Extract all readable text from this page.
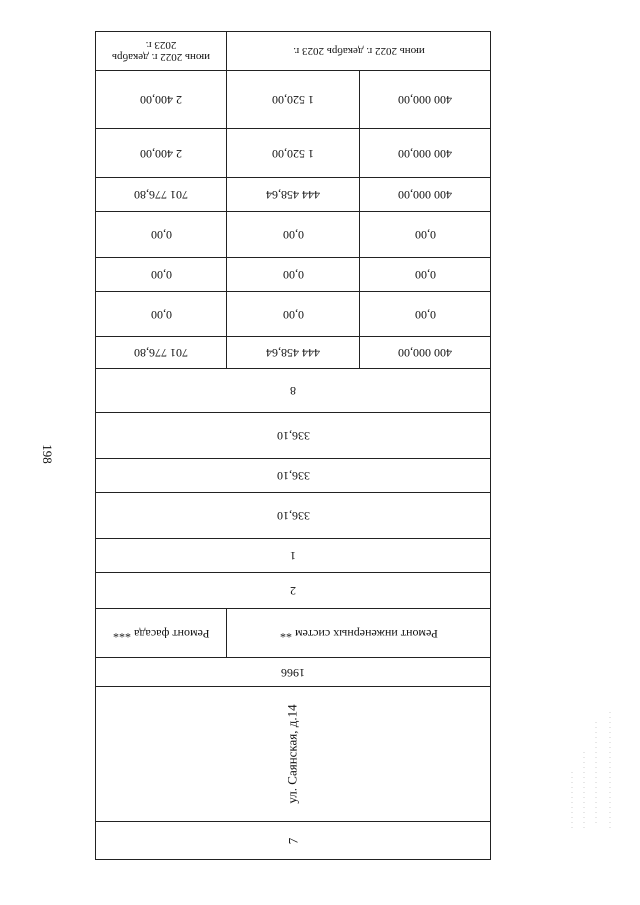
198
июнь 2022 г. декабрь 2023 г.	июнь 2022 г. декабрь 2023 г.
2 400,00	1 520,00	400 000,00
2 400,00	1 520,00	400 000,00
701 776,80	444 458,64	400 000,00
0,00	0,00	0,00
0,00	0,00	0,00
0,00	0,00	0,00
701 776,80	444 458,64	400 000,00
8
336,10
336,10
336,10
1
2
Ремонт фасада ***	Ремонт инженерных систем **
1966
ул. Саянская, д.14
7
